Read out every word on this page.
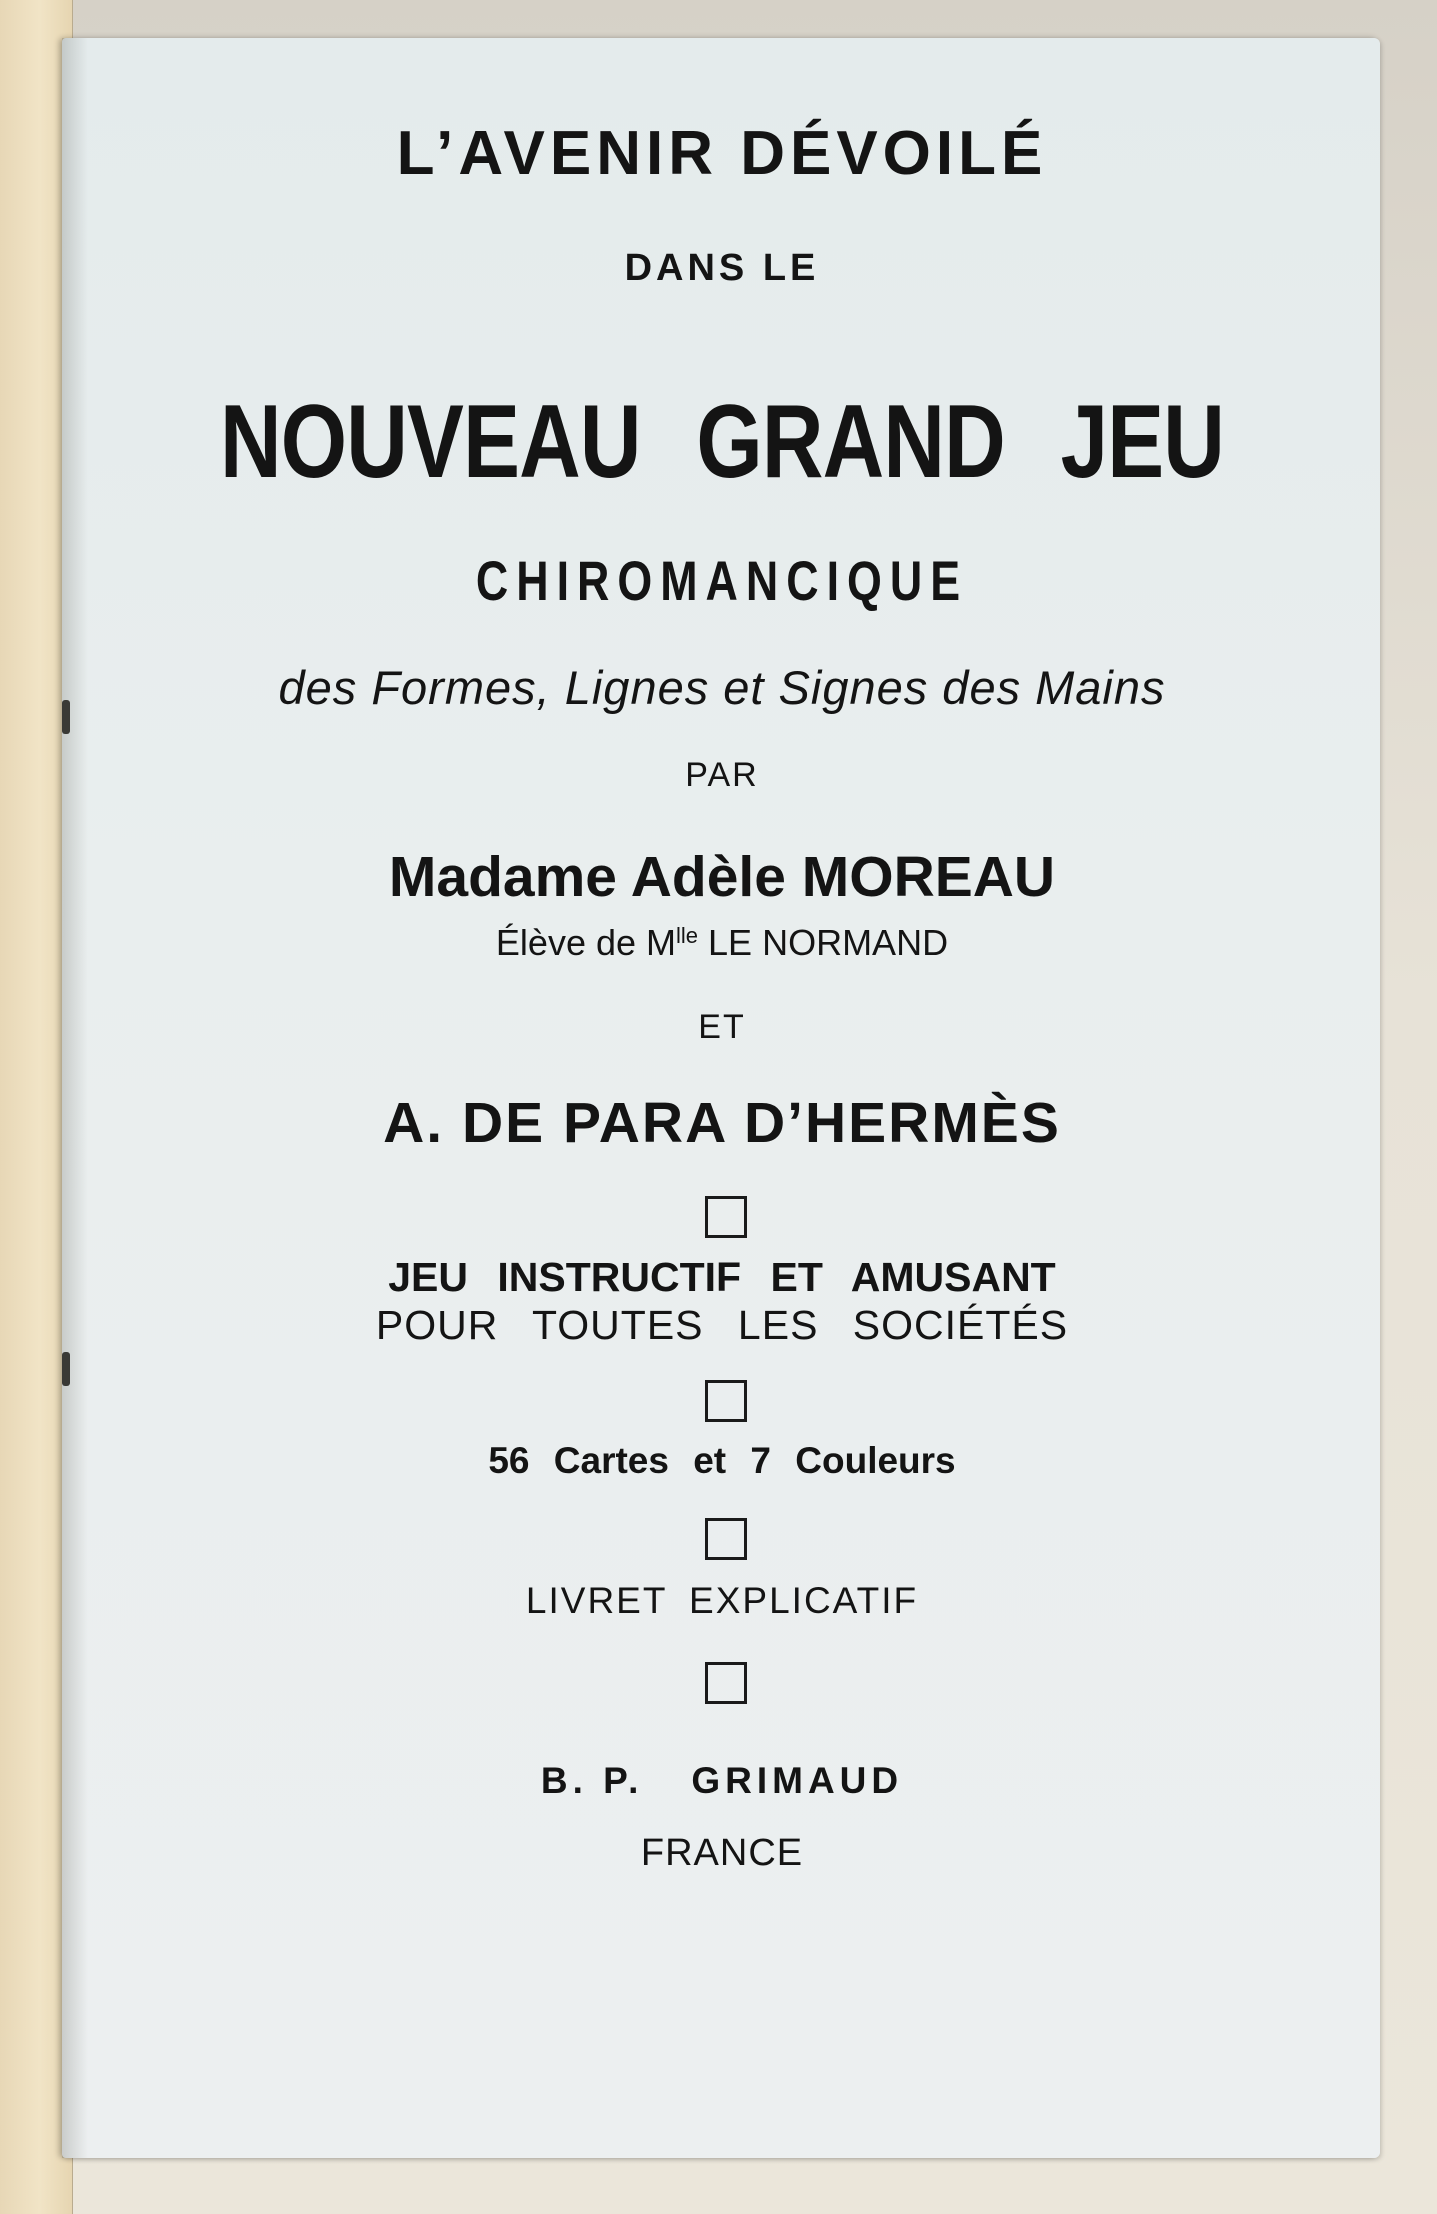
L’AVENIR DÉVOILÉ
DANS LE
NOUVEAU GRAND JEU
CHIROMANCIQUE
des Formes, Lignes et Signes des Mains
PAR
Madame Adèle MOREAU
Élève de $M^{lle}$ LE NORMAND
ET
A. DE PARA D’HERMÈS
JEU INSTRUCTIF ET AMUSANT
POUR TOUTES LES SOCIÉTÉS
56 Cartes et 7 Couleurs
LIVRET EXPLICATIF
B. P. GRIMAUD
FRANCE
